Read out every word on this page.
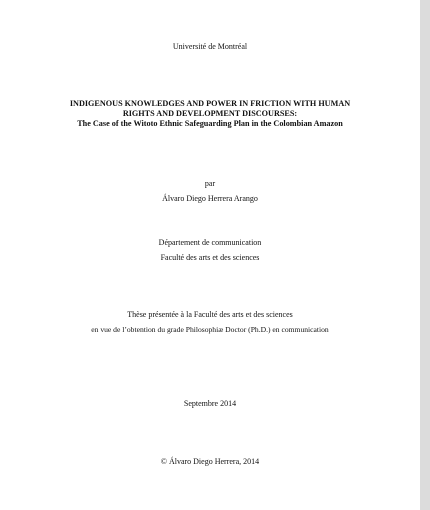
Université de Montréal
INDIGENOUS KNOWLEDGES AND POWER IN FRICTION WITH HUMAN
RIGHTS AND DEVELOPMENT DISCOURSES:
The Case of the Witoto Ethnic Safeguarding Plan in the Colombian Amazon
par
Álvaro Diego Herrera Arango
Département de communication
Faculté des arts et des sciences
Thèse présentée à la Faculté des arts et des sciences
en vue de l’obtention du grade Philosophiæ Doctor (Ph.D.) en communication
Septembre 2014
© Álvaro Diego Herrera, 2014
